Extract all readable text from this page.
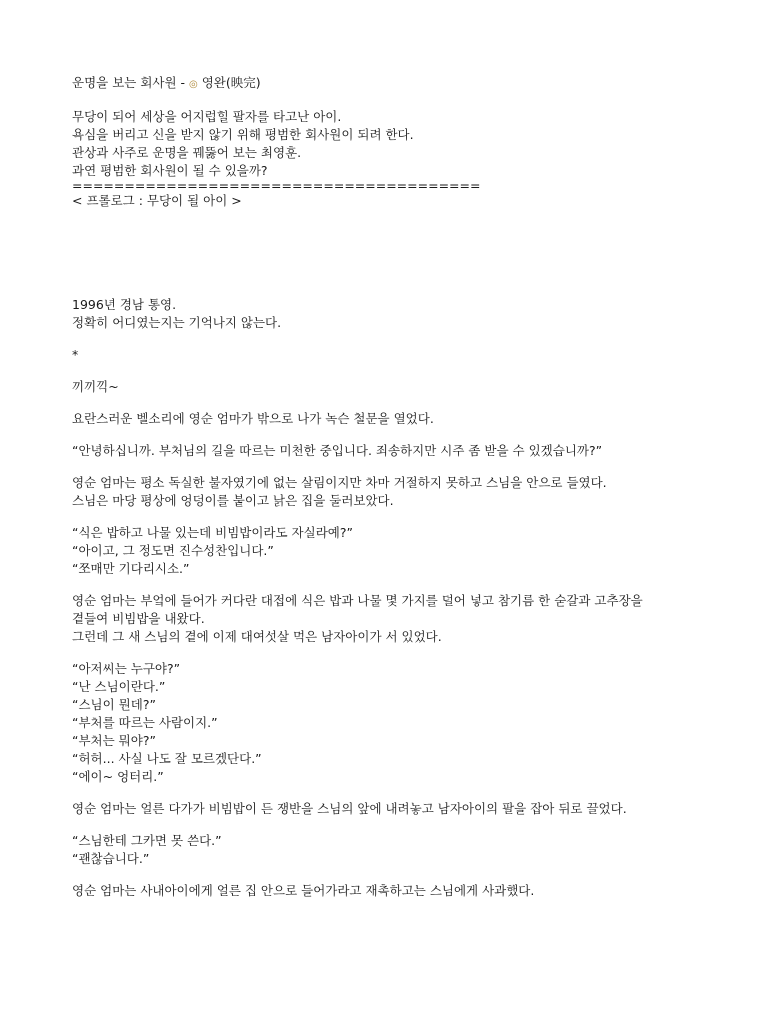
운명을 보는 회사원 - ◎ 영완(映完)
무당이 되어 세상을 어지럽힐 팔자를 타고난 아이.
욕심을 버리고 신을 받지 않기 위해 평범한 회사원이 되려 한다.
관상과 사주로 운명을 꿰뚫어 보는 최영훈.
과연 평범한 회사원이 될 수 있을까?
=======================================
< 프롤로그 : 무당이 될 아이 >
1996년 경남 통영.
정확히 어디였는지는 기억나지 않는다.
*
끼끼끽~
요란스러운 벨소리에 영순 엄마가 밖으로 나가 녹슨 철문을 열었다.
“안녕하십니까. 부처님의 길을 따르는 미천한 중입니다. 죄송하지만 시주 좀 받을 수 있겠습니까?”
영순 엄마는 평소 독실한 불자였기에 없는 살림이지만 차마 거절하지 못하고 스님을 안으로 들였다.
스님은 마당 평상에 엉덩이를 붙이고 낡은 집을 둘러보았다.
“식은 밥하고 나물 있는데 비빔밥이라도 자실라예?”
“아이고, 그 정도면 진수성찬입니다.”
“쪼매만 기다리시소.”
영순 엄마는 부엌에 들어가 커다란 대접에 식은 밥과 나물 몇 가지를 덜어 넣고 참기름 한 숟갈과 고추장을
곁들여 비빔밥을 내왔다.
그런데 그 새 스님의 곁에 이제 대여섯살 먹은 남자아이가 서 있었다.
“아저씨는 누구야?”
“난 스님이란다.”
“스님이 뭔데?”
“부처를 따르는 사람이지.”
“부처는 뭐야?”
“허허... 사실 나도 잘 모르겠단다.”
“에이~ 엉터리.”
영순 엄마는 얼른 다가가 비빔밥이 든 쟁반을 스님의 앞에 내려놓고 남자아이의 팔을 잡아 뒤로 끌었다.
“스님한테 그카면 못 쓴다.”
“괜찮습니다.”
영순 엄마는 사내아이에게 얼른 집 안으로 들어가라고 재촉하고는 스님에게 사과했다.
